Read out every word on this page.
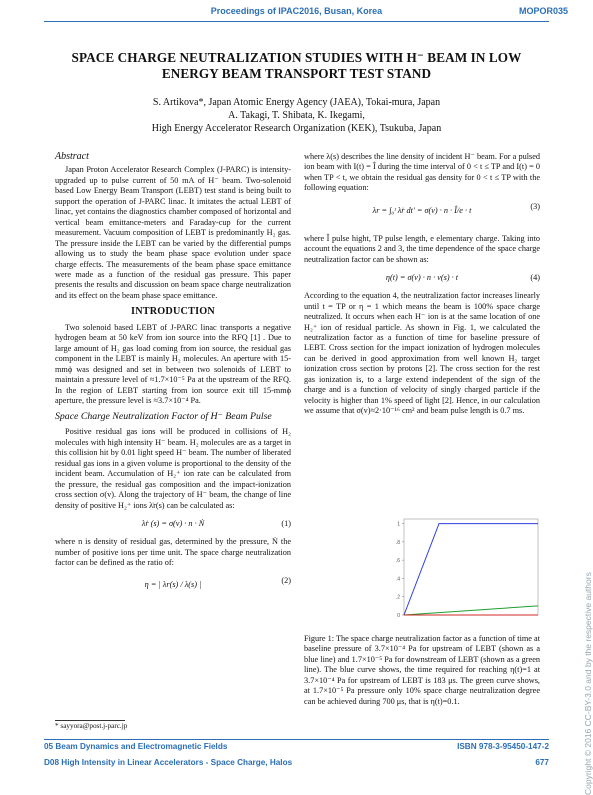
Proceedings of IPAC2016, Busan, Korea	MOPOR035
SPACE CHARGE NEUTRALIZATION STUDIES WITH H⁻ BEAM IN LOW
ENERGY BEAM TRANSPORT TEST STAND
S. Artikova*, Japan Atomic Energy Agency (JAEA), Tokai-mura, Japan
A. Takagi, T. Shibata, K. Ikegami,
High Energy Accelerator Research Organization (KEK), Tsukuba, Japan
Abstract

Japan Proton Accelerator Research Complex (J-PARC) is intensity-upgraded up to pulse current of 50 mA of H⁻ beam. Two-solenoid based Low Energy Beam Transport (LEBT) test stand is being built to support the operation of J-PARC linac. It imitates the actual LEBT of linac, yet contains the diagnostics chamber composed of horizontal and vertical beam emittance-meters and Faraday-cup for the current measurement. Vacuum composition of LEBT is predominantly H₂ gas. The pressure inside the LEBT can be varied by the differential pumps allowing us to study the beam phase space evolution under space charge effects. The measurements of the beam phase space emittance were made as a function of the residual gas pressure. This paper presents the results and discussion on beam space charge neutralization and its effect on the beam phase space emittance.

INTRODUCTION

Two solenoid based LEBT of J-PARC linac transports a negative hydrogen beam at 50 keV from ion source into the RFQ [1] . Due to large amount of H₂ gas load coming from ion source, the residual gas component in the LEBT is mainly H₂ molecules. An aperture with 15-mmϕ was designed and set in between two solenoids of LEBT to maintain a pressure level of ≈1.7×10⁻⁵ Pa at the upstream of the RFQ. In the region of LEBT starting from ion source exit till 15-mmϕ aperture, the pressure level is ≈3.7×10⁻⁴ Pa.

Space Charge Neutralization Factor of H⁻ Beam Pulse

Positive residual gas ions will be produced in collisions of H₂ molecules with high intensity H⁻ beam. H₂ molecules are as a target in this collision hit by 0.01 light speed H⁻ beam. The number of liberated residual gas ions in a given volume is proportional to the density of the incident beam. Accumulation of H₂⁺ ion rate can be calculated from the pressure, the residual gas composition and the impact-ionization cross section σ(v). Along the trajectory of H⁻ beam, the change of line density of positive H₂⁺ ions λ̇r(s) can be calculated as:

λ̇r (s) = σ(v) · n · Ṅ	(1)

where n is density of residual gas, determined by the pressure, Ṅ the number of positive ions per time unit. The space charge neutralization factor can be defined as the ratio of:

η = | λr(s) / λ(s) |	(2)
* sayyora@post.j-parc.jp

where λ(s) describes the line density of incident H⁻ beam. For a pulsed ion beam with I(t) = Î during the time interval of 0 < t ≤ TP and I(t) = 0 when TP < t, we obtain the residual gas density for 0 < t ≤ TP with the following equation:

λr = ∫₀ᵗ λ̇r dt′ = σ(v) · n · Î/e · t	(3)

where Î pulse hight, TP pulse length, e elementary charge. Taking into account the equations 2 and 3, the time dependence of the space charge neutralization factor can be shown as:

η(t) = σ(v) · n · v(s) · t	(4)

According to the equation 4, the neutralization factor increases linearly until t = TP or η = 1 which means the beam is 100% space charge neutralized. It occurs when each H⁻ ion is at the same location of one H₂⁺ ion of residual particle. As shown in Fig. 1, we calculated the neutralization factor as a function of time for baseline pressure of LEBT. Cross section for the impact ionization of hydrogen molecules can be derived in good approximation from well known H₂ target ionization cross section by protons [2]. The cross section for the rest gas ionization is, to a large extend independent of the sign of the charge and is a function of velocity of singly charged particle if the velocity is higher than 1% speed of light [2]. Hence, in our calculation we assume that σ(v)≈2·10⁻¹⁶ cm² and beam pulse length is 0.7 ms.

0
.2
.4
.6
.8
1
Figure 1: The space charge neutralization factor as a function of time at baseline pressure of 3.7×10⁻⁴ Pa for upstream of LEBT (shown as a blue line) and 1.7×10⁻⁵ Pa for downstream of LEBT (shown as a green line). The blue curve shows, the time required for reaching η(t)=1 at 3.7×10⁻⁴ Pa for upstream of LEBT is 183 μs. The green curve shows, at 1.7×10⁻⁵ Pa pressure only 10% space charge neutralization degree can be achieved during 700 μs, that is η(t)=0.1.
05 Beam Dynamics and Electromagnetic Fields	ISBN 978-3-95450-147-2
D08 High Intensity in Linear Accelerators - Space Charge, Halos	677	Copyright © 2016 CC-BY-3.0 and by the respective authors
